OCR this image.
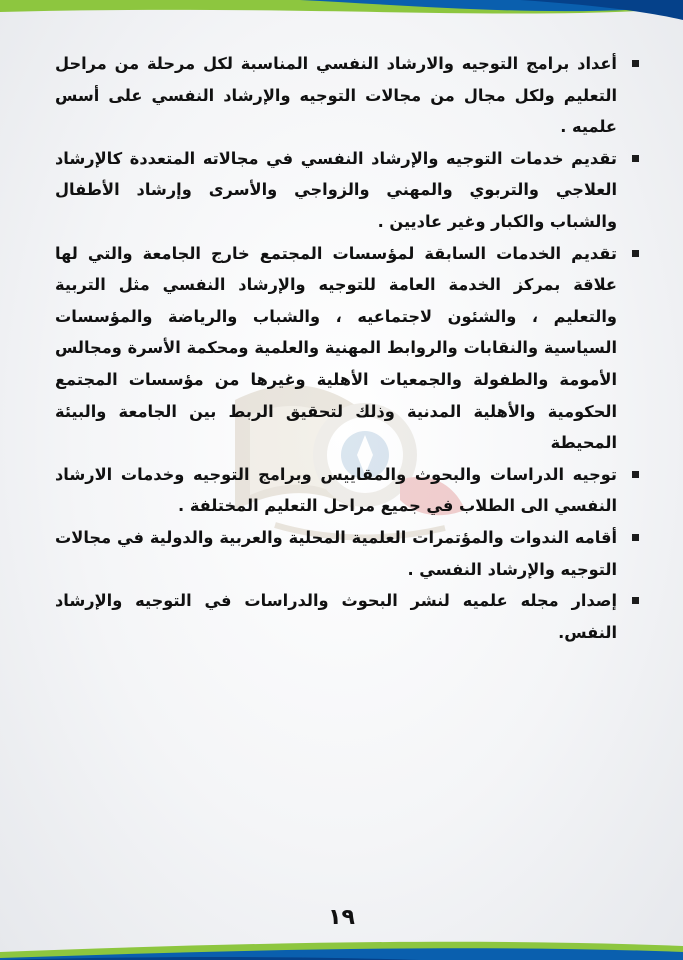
أعداد برامج التوجيه والارشاد النفسي المناسبة لكل مرحلة من مراحل التعليم ولكل مجال من مجالات التوجيه والإرشاد النفسي على أسس علميه .
تقديم خدمات التوجيه والإرشاد النفسي في مجالاته المتعددة كالإرشاد العلاجي والتربوي والمهني والزواجي والأسرى وإرشاد الأطفال والشباب والكبار وغير عاديين .
تقديم الخدمات السابقة لمؤسسات المجتمع خارج الجامعة والتي لها علاقة بمركز الخدمة العامة للتوجيه والإرشاد النفسي مثل التربية والتعليم ، والشئون لاجتماعيه ، والشباب والرياضة والمؤسسات السياسية والنقابات والروابط المهنية والعلمية ومحكمة الأسرة ومجالس الأمومة والطفولة والجمعيات الأهلية وغيرها من مؤسسات المجتمع الحكومية والأهلية المدنية وذلك لتحقيق الربط بين الجامعة والبيئة المحيطة
توجيه الدراسات والبحوث والمقاييس وبرامج التوجيه وخدمات الارشاد النفسي الى الطلاب في جميع مراحل التعليم المختلفة .
أقامه الندوات والمؤتمرات العلمية المحلية والعربية والدولية في مجالات التوجيه والإرشاد النفسي .
إصدار مجله علميه لنشر البحوث والدراسات في التوجيه والإرشاد النفس.
١٩
